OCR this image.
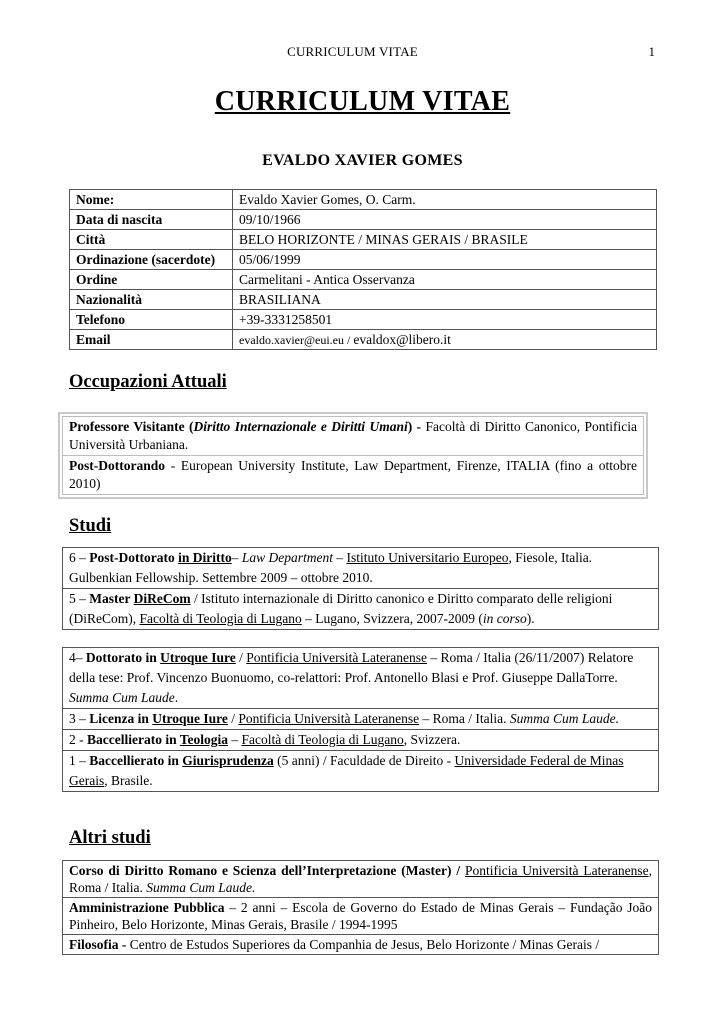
CURRICULUM VITAE	1
CURRICULUM VITAE
EVALDO XAVIER GOMES
Nome:	Evaldo Xavier Gomes, O. Carm.
Data di nascita	09/10/1966
Città	BELO HORIZONTE / MINAS GERAIS / BRASILE
Ordinazione (sacerdote)	05/06/1999
Ordine	Carmelitani - Antica Osservanza
Nazionalità	BRASILIANA
Telefono	+39-3331258501
Email	evaldo.xavier@eui.eu / evaldox@libero.it
Occupazioni Attuali
Professore Visitante (Diritto Internazionale e Diritti Umani) - Facoltà di Diritto Canonico, Pontificia Università Urbaniana.
Post-Dottorando - European University Institute, Law Department, Firenze, ITALIA (fino a ottobre 2010)
Studi
6 – Post-Dottorato in Diritto– Law Department – Istituto Universitario Europeo, Fiesole, Italia. Gulbenkian Fellowship. Settembre 2009 – ottobre 2010.
5 – Master DiReCom / Istituto internazionale di Diritto canonico e Diritto comparato delle religioni (DiReCom), Facoltà di Teologia di Lugano – Lugano, Svizzera, 2007-2009 (in corso).
4– Dottorato in Utroque Iure / Pontificia Università Lateranense – Roma / Italia (26/11/2007) Relatore della tese: Prof. Vincenzo Buonuomo, co-relattori: Prof. Antonello Blasi e Prof. Giuseppe DallaTorre. Summa Cum Laude.
3 – Licenza in Utroque Iure / Pontificia Università Lateranense – Roma / Italia. Summa Cum Laude.
2 - Baccellierato in Teologia – Facoltà di Teologia di Lugano, Svizzera.
1 – Baccellierato in Giurisprudenza (5 anni) / Faculdade de Direito - Universidade Federal de Minas Gerais, Brasile.
Altri studi
Corso di Diritto Romano e Scienza dell’Interpretazione (Master) / Pontificia Università Lateranense, Roma / Italia. Summa Cum Laude.
Amministrazione Pubblica – 2 anni – Escola de Governo do Estado de Minas Gerais – Fundação João Pinheiro, Belo Horizonte, Minas Gerais, Brasile / 1994-1995
Filosofia - Centro de Estudos Superiores da Companhia de Jesus, Belo Horizonte / Minas Gerais /
